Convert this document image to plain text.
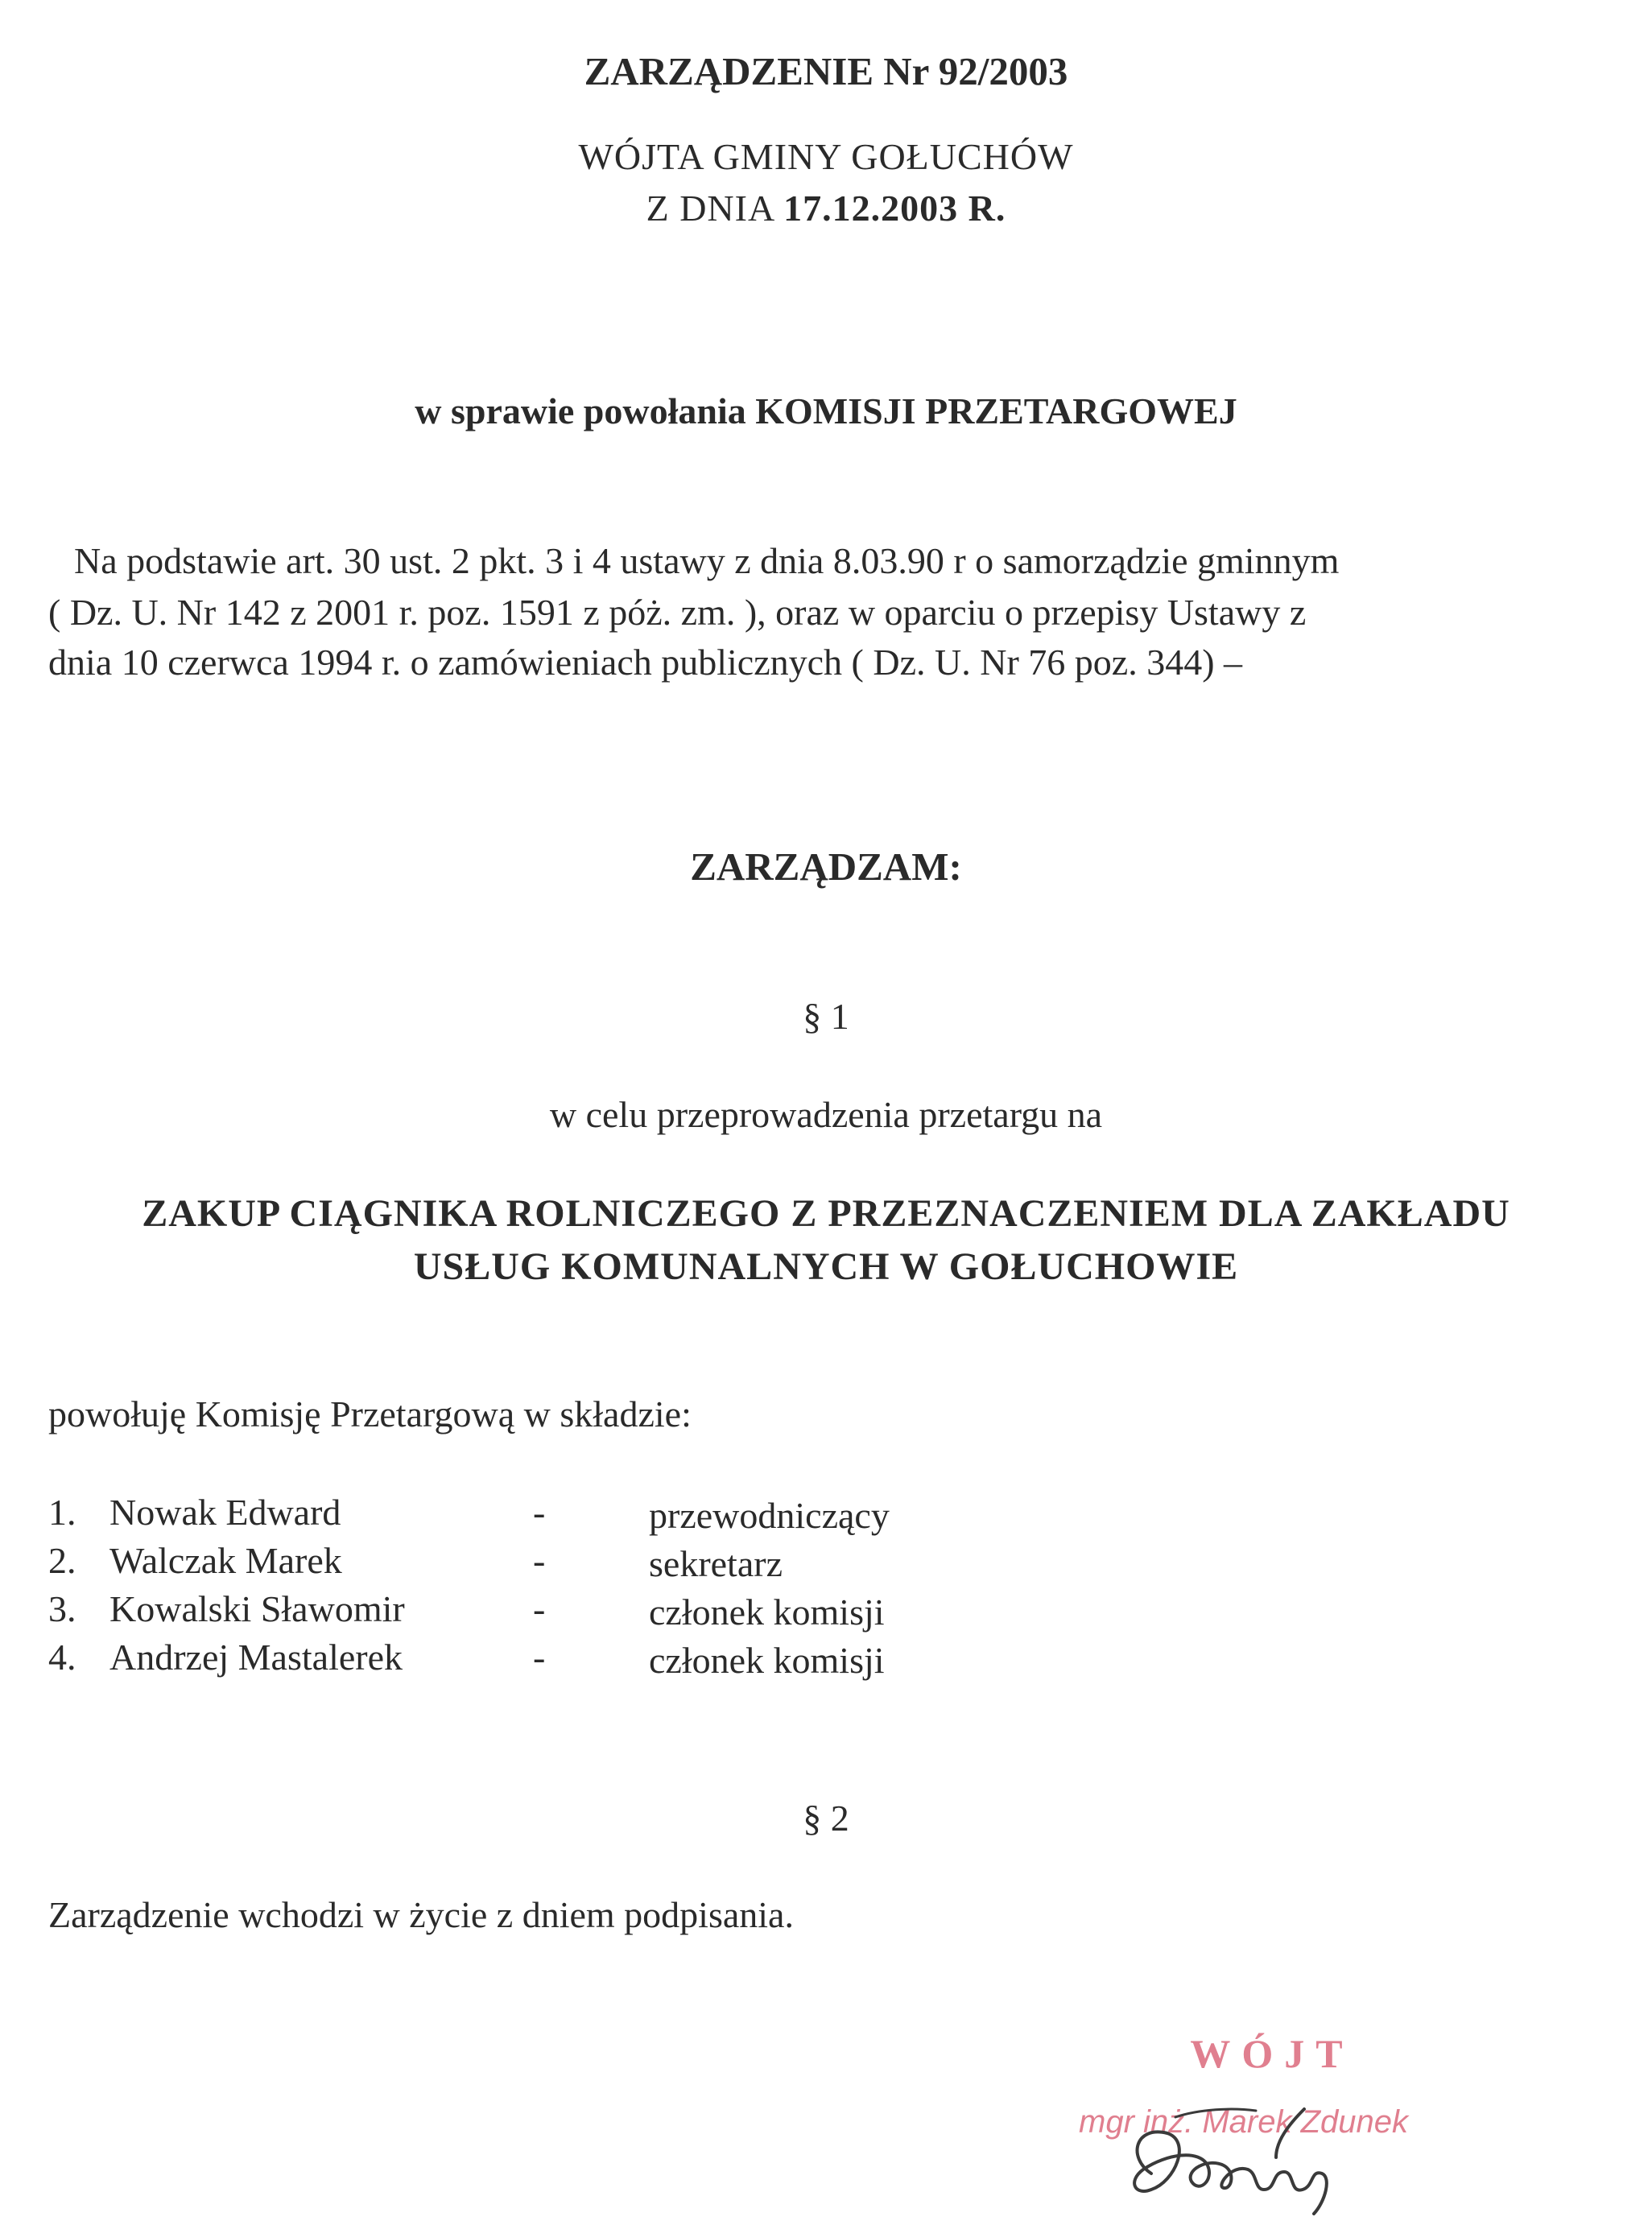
ZARZĄDZENIE Nr 92/2003
WÓJTA GMINY GOŁUCHÓW
Z DNIA 17.12.2003 R.
w sprawie powołania KOMISJI PRZETARGOWEJ
Na podstawie art. 30 ust. 2 pkt. 3 i 4 ustawy z dnia 8.03.90 r o samorządzie gminnym
( Dz. U. Nr 142 z 2001 r. poz. 1591 z póż. zm. ), oraz w oparciu o przepisy Ustawy z
dnia 10 czerwca 1994 r. o zamówieniach publicznych ( Dz. U. Nr 76 poz. 344) –
ZARZĄDZAM:
§ 1
w celu przeprowadzenia przetargu na
ZAKUP CIĄGNIKA ROLNICZEGO Z PRZEZNACZENIEM DLA ZAKŁADU
USŁUG KOMUNALNYCH W GOŁUCHOWIE
powołuję Komisję Przetargową w składzie:
1. Nowak Edward	-	przewodniczący
2. Walczak Marek	-	sekretarz
3. Kowalski Sławomir	-	członek komisji
4. Andrzej Mastalerek	-	członek komisji
§ 2
Zarządzenie wchodzi w życie z dniem podpisania.
WÓJT
mgr inż. Marek Zdunek
